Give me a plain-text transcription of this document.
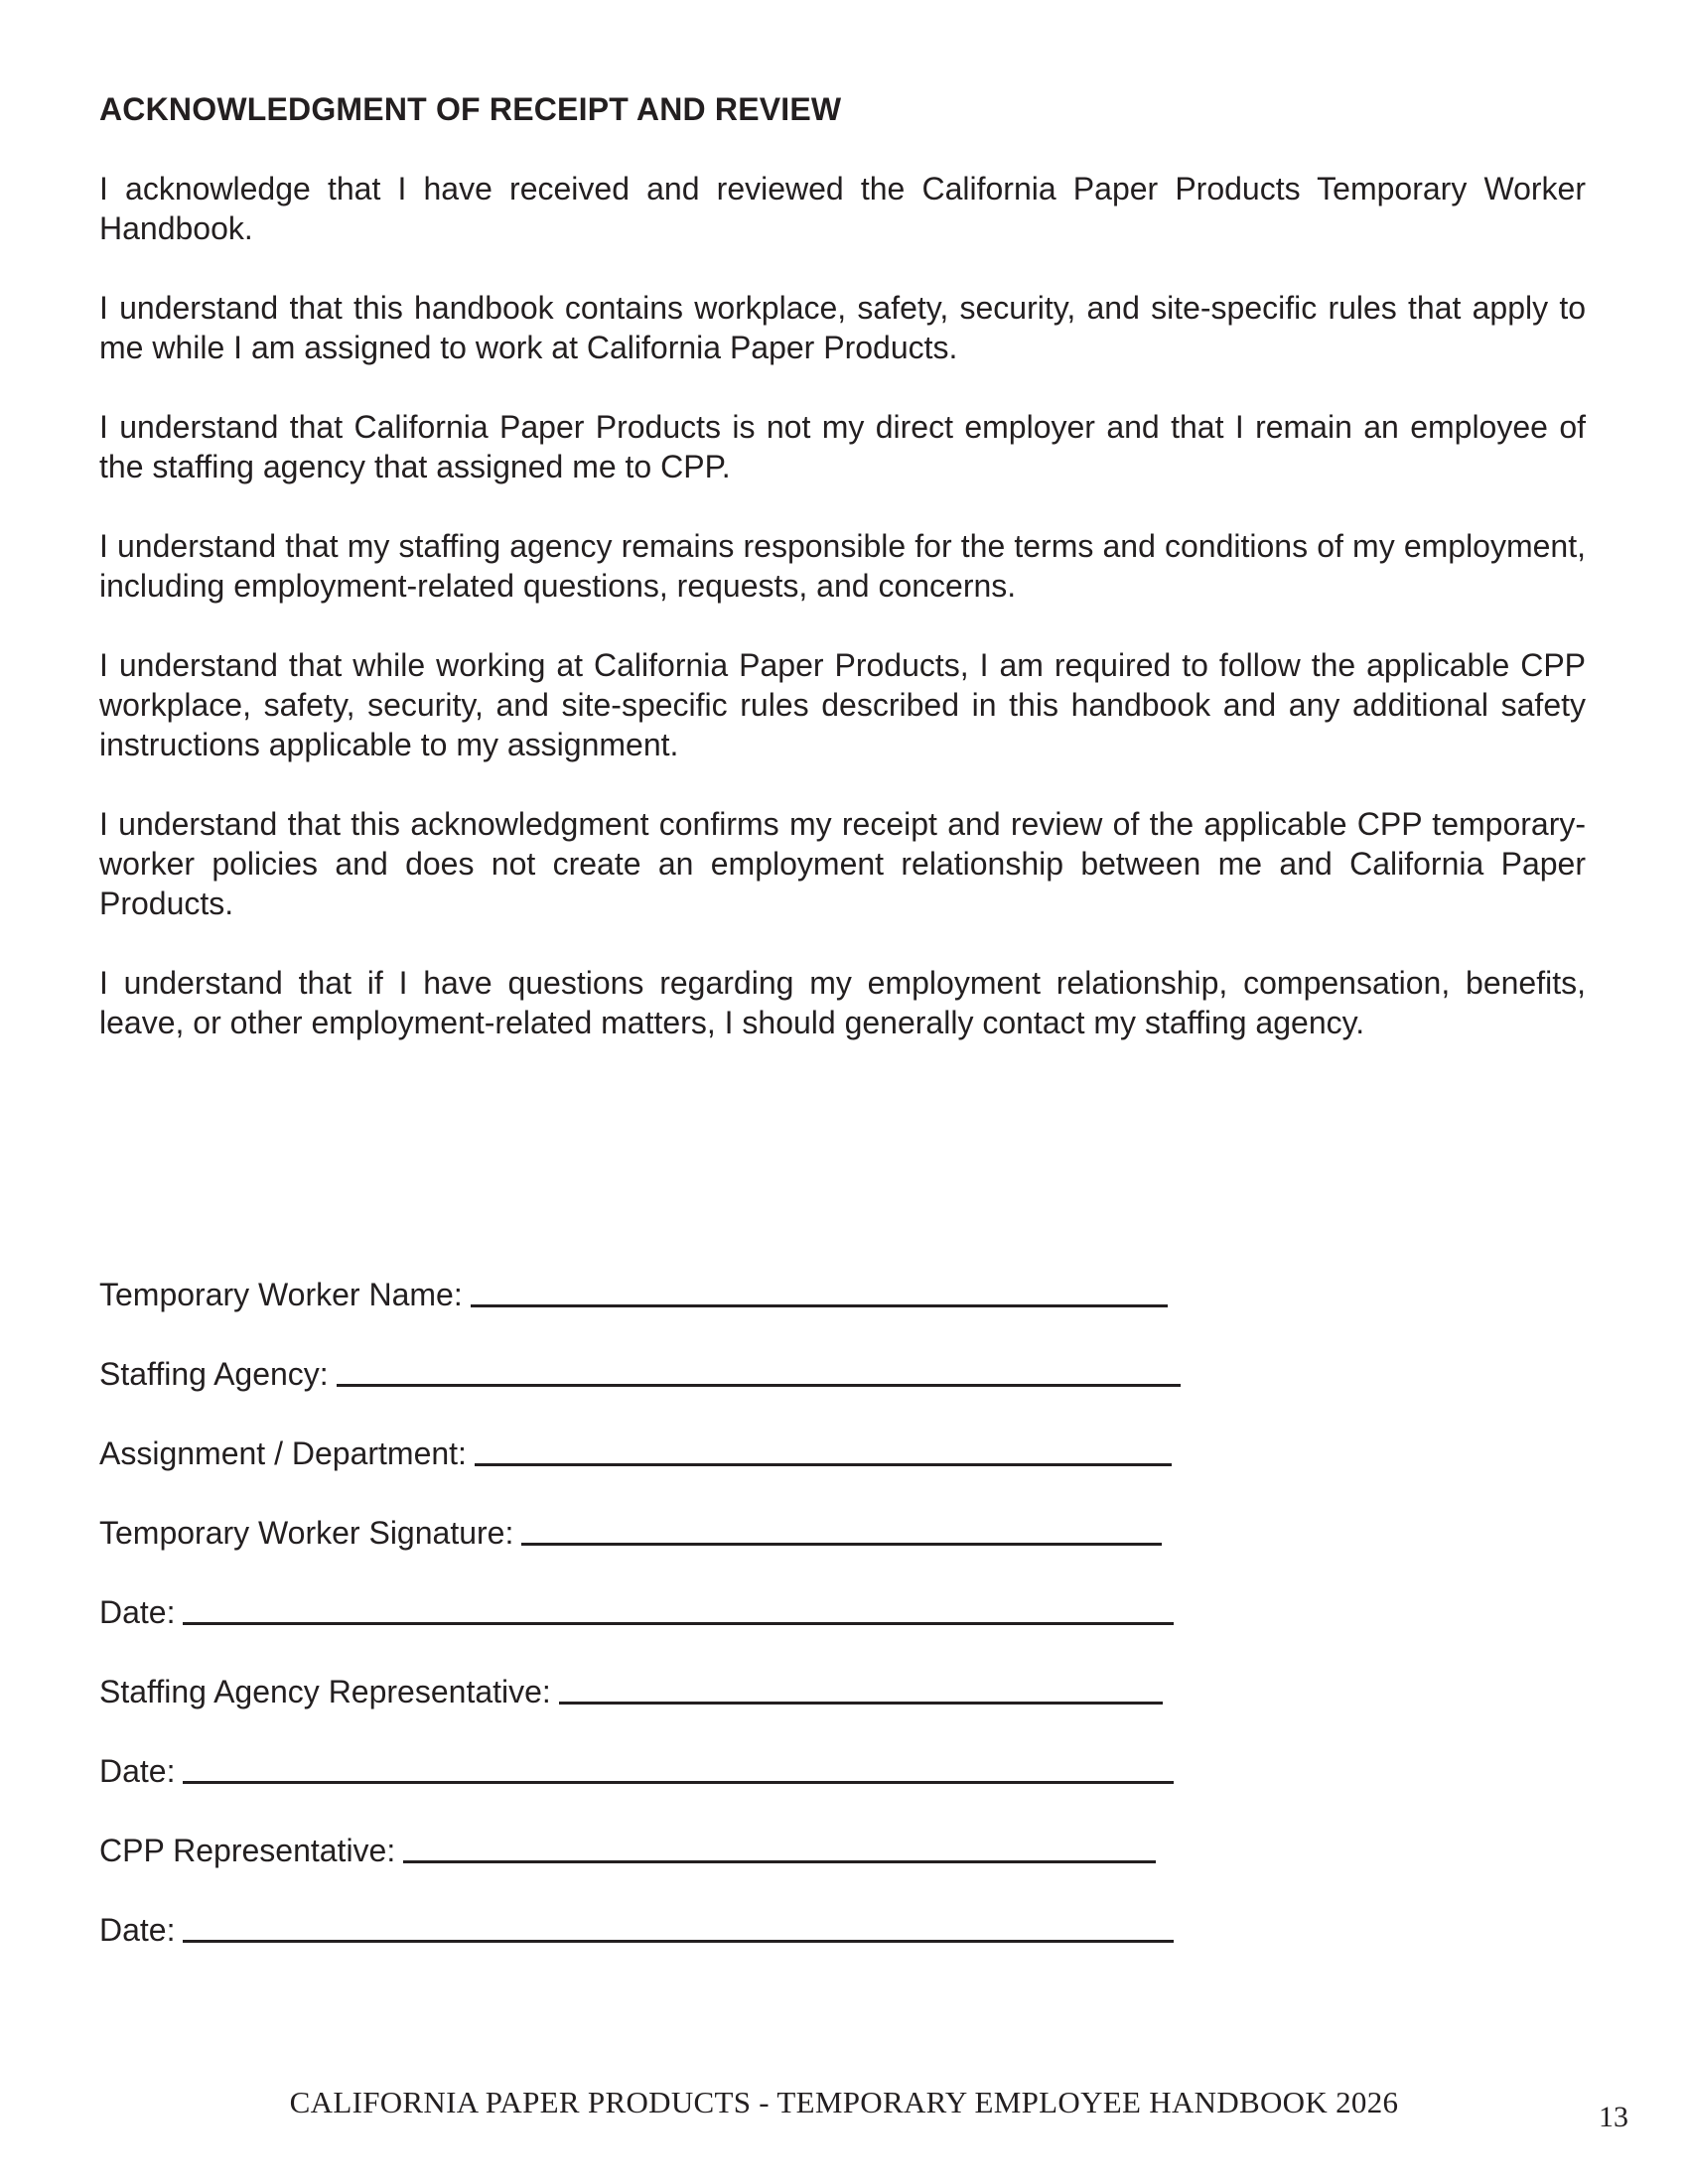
ACKNOWLEDGMENT OF RECEIPT AND REVIEW

I acknowledge that I have received and reviewed the California Paper Products Temporary Worker Handbook.

I understand that this handbook contains workplace, safety, security, and site-specific rules that apply to me while I am assigned to work at California Paper Products.

I understand that California Paper Products is not my direct employer and that I remain an employee of the staffing agency that assigned me to CPP.

I understand that my staffing agency remains responsible for the terms and conditions of my employment, including employment-related questions, requests, and concerns.

I understand that while working at California Paper Products, I am required to follow the applicable CPP workplace, safety, security, and site-specific rules described in this handbook and any additional safety instructions applicable to my assignment.

I understand that this acknowledgment confirms my receipt and review of the applicable CPP temporary-worker policies and does not create an employment relationship between me and California Paper Products.

I understand that if I have questions regarding my employment relationship, compensation, benefits, leave, or other employment-related matters, I should generally contact my staffing agency.

Temporary Worker Name:
Staffing Agency:
Assignment / Department:
Temporary Worker Signature:
Date:
Staffing Agency Representative:
Date:
CPP Representative:
Date:

CALIFORNIA PAPER PRODUCTS - TEMPORARY EMPLOYEE HANDBOOK 2026	13
